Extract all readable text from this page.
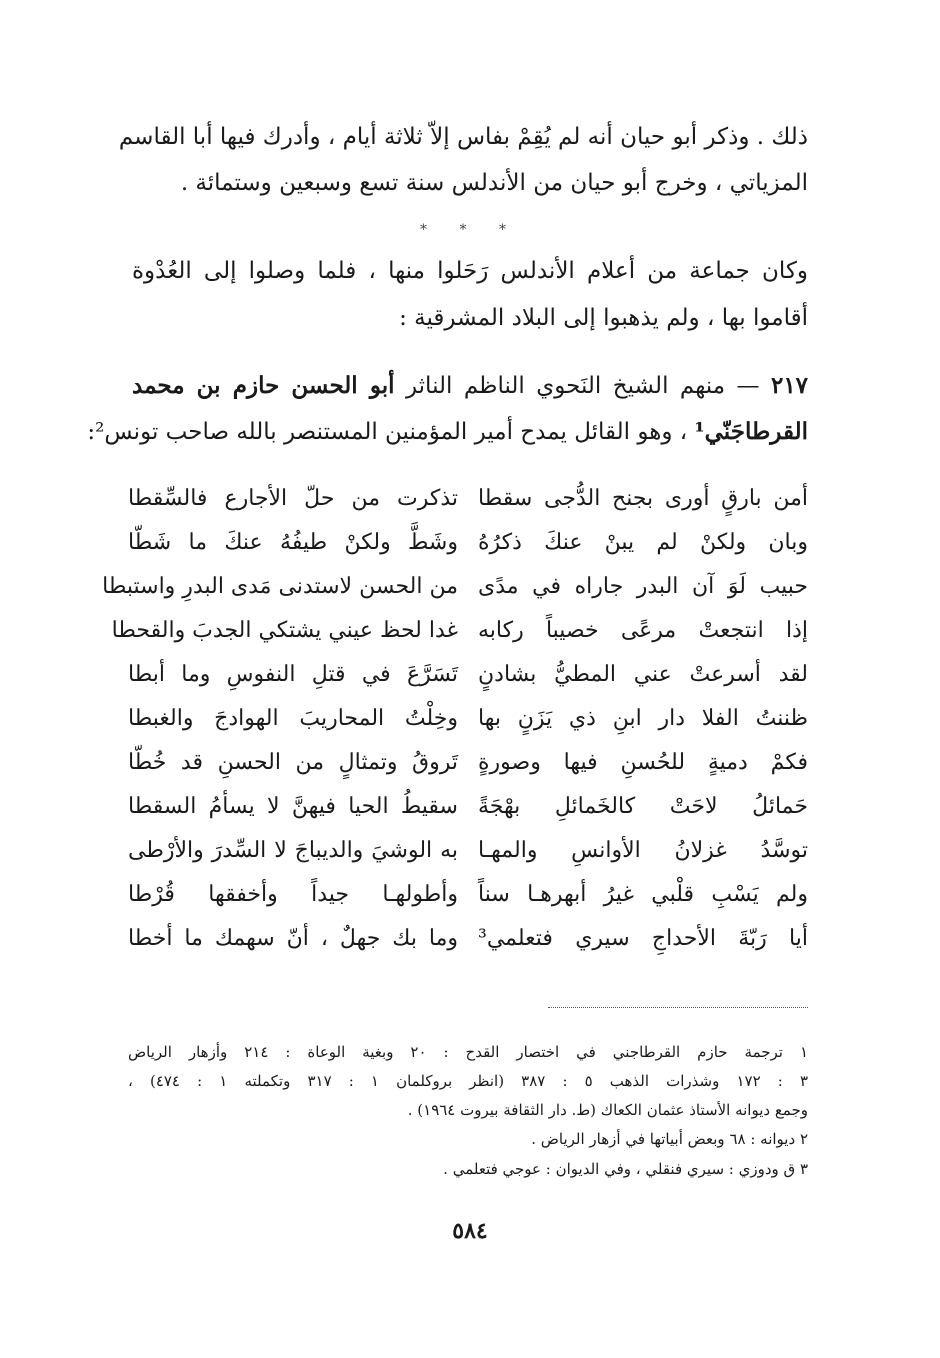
ذلك . وذكر أبو حيان أنه لم يُقِمْ بفاس إلاّ ثلاثة أيام ، وأدرك فيها أبا القاسم
المزياتي ، وخرج أبو حيان من الأندلس سنة تسع وسبعين وستمائة .
* * *
وكان جماعة من أعلام الأندلس رَحَلوا منها ، فلما وصلوا إلى العُدْوة
أقاموا بها ، ولم يذهبوا إلى البلاد المشرقية :
٢١٧ — منهم الشيخ النَحوي الناظم الناثر أبو الحسن حازم بن محمد
القرطاجَنّي¹ ، وهو القائل يمدح أمير المؤمنين المستنصر بالله صاحب تونس²:
أمن بارقٍ أورى بجنح الدُّجى سقطا
تذكرت من حلّ الأجارع فالسِّقطا
وبان ولكنْ لم يبنْ عنكَ ذكرُهُ
وشَطَّ ولكنْ طيفُهُ عنكَ ما شَطّا
حبيب لَوَ آن البدر جاراه في مدًى
من الحسن لاستدنى مَدى البدرِ واستبطا
إذا انتجعتْ مرعًى خصيباً ركابه
غدا لحظ عيني يشتكي الجدبَ والقحطا
لقد أسرعتْ عني المطيُّ بشادنٍ
تَسَرَّعَ في قتلِ النفوسِ وما أبطا
ظننتُ الفلا دار ابنِ ذي يَزَنٍ بها
وخِلْتُ المحاريبَ الهوادجَ والغبطا
فكمْ دميةٍ للحُسنِ فيها وصورةٍ
تَروقُ وتمثالٍ من الحسنِ قد خُطّا
حَمائلُ لاحَتْ كالخَمائلِ بهْجَةً
سقيطُ الحيا فيهنَّ لا يسأمُ السقطا
توسَّدُ غزلانُ الأوانسِ والمهـا
به الوشيَ والديباجَ لا السِّدرَ والأرْطى
ولم يَسْبِ قلْبي غيرُ أبهرهـا سناً
وأطولهـا جيداً وأخفقها قُرْطا
أيا رَبّةَ الأحداجِ سيري فتعلمي³
وما بك جهلٌ ، أنّ سهمك ما أخطا
١ ترجمة حازم القرطاجني في اختصار القدح : ٢٠ وبغية الوعاة : ٢١٤ وأزهار الرياض
٣ : ١٧٢ وشذرات الذهب ٥ : ٣٨٧ (انظر بروكلمان ١ : ٣١٧ وتكملته ١ : ٤٧٤) ،
وجمع ديوانه الأستاذ عثمان الكعاك (ط. دار الثقافة بيروت ١٩٦٤) .
٢ ديوانه : ٦٨ وبعض أبياتها في أزهار الرياض .
٣ ق ودوزي : سيري فنقلي ، وفي الديوان : عوجي فتعلمي .
٥٨٤
